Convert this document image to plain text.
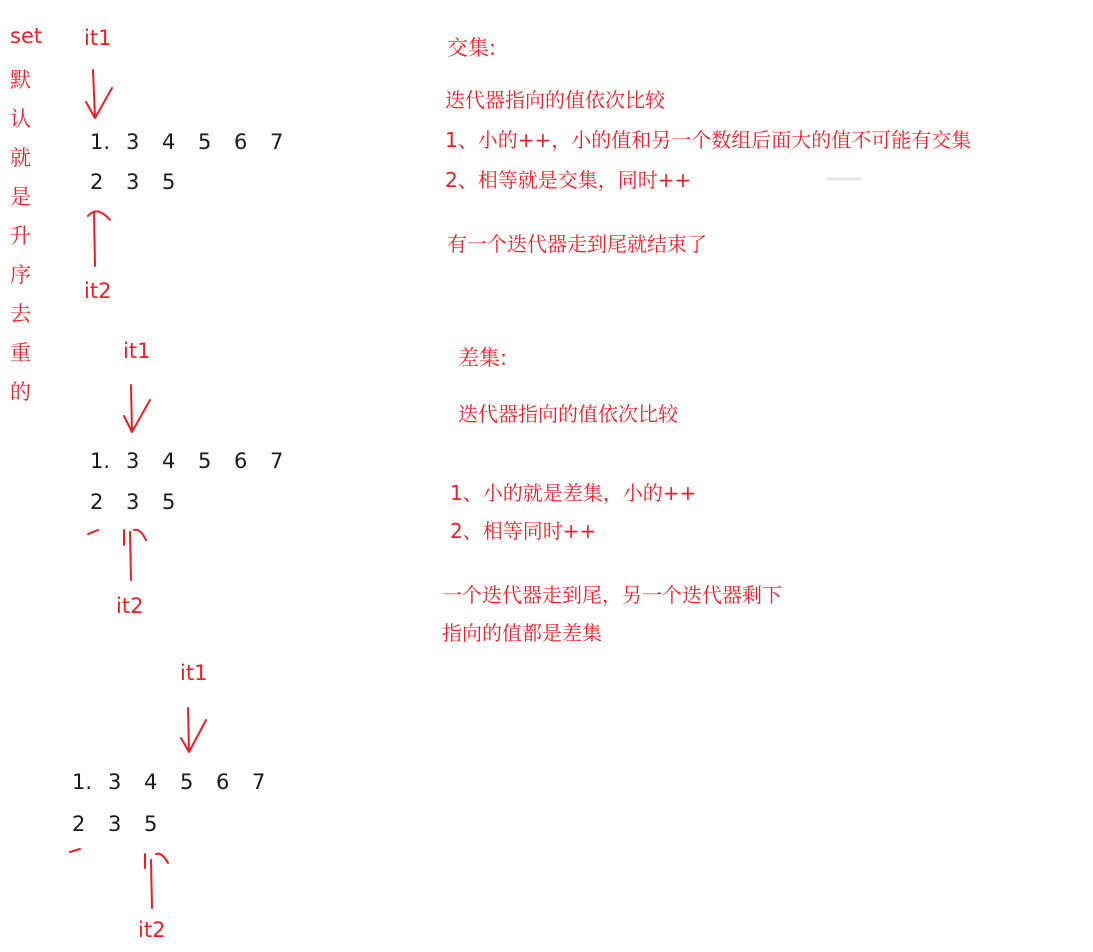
set
默
认
就
是
升
序
去
重
的
it1
1. 3 4 5 6 7
2 3 5
it2
it1
1. 3 4 5 6 7
2 3 5
it2
it1
1. 3 4 5 6 7
2 3 5
it2
交集:
迭代器指向的值依次比较
1、小的++，小的值和另一个数组后面大的值不可能有交集
2、相等就是交集，同时++
有一个迭代器走到尾就结束了
差集:
迭代器指向的值依次比较
1、小的就是差集，小的++
2、相等同时++
一个迭代器走到尾，另一个迭代器剩下
指向的值都是差集
